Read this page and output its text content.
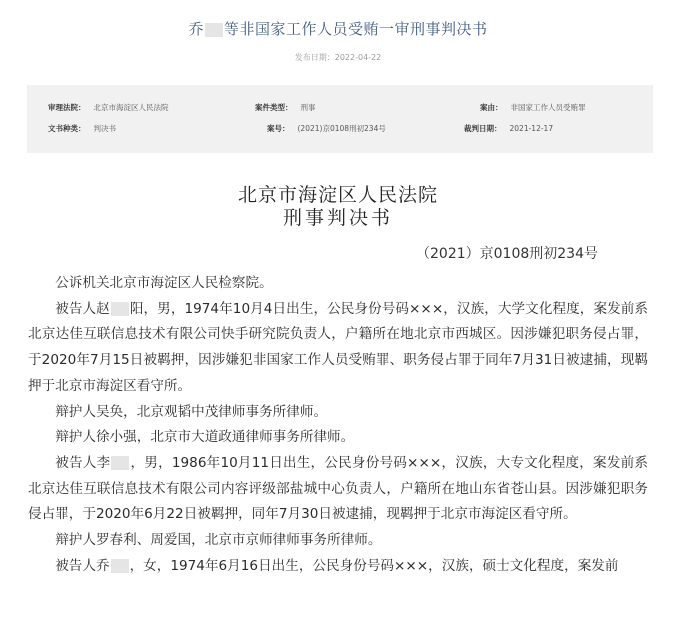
乔 等非国家工作人员受贿一审刑事判决书
发布日期：2022-04-22
审理法院： 北京市海淀区人民法院	案件类型： 刑事	案由： 非国家工作人员受贿罪
文书种类： 判决书	案号： (2021)京0108刑初234号	裁判日期： 2021-12-17
北京市海淀区人民法院
刑事判决书
（2021）京0108刑初234号

公诉机关北京市海淀区人民检察院。

被告人赵 阳，男，1974年10月4日出生，公民身份号码×××，汉族，大学文化程度，案发前系北京达佳互联信息技术有限公司快手研究院负责人，户籍所在地北京市西城区。因涉嫌犯职务侵占罪，于2020年7月15日被羁押，因涉嫌犯非国家工作人员受贿罪、职务侵占罪于同年7月31日被逮捕，现羁押于北京市海淀区看守所。

辩护人吴奂，北京观韬中茂律师事务所律师。

辩护人徐小强，北京市大道政通律师事务所律师。

被告人李 ，男，1986年10月11日出生，公民身份号码×××，汉族，大专文化程度，案发前系北京达佳互联信息技术有限公司内容评级部盐城中心负责人，户籍所在地山东省苍山县。因涉嫌犯职务侵占罪，于2020年6月22日被羁押，同年7月30日被逮捕，现羁押于北京市海淀区看守所。

辩护人罗春利、周爱国，北京市京师律师事务所律师。

被告人乔 ，女，1974年6月16日出生，公民身份号码×××，汉族，硕士文化程度，案发前
